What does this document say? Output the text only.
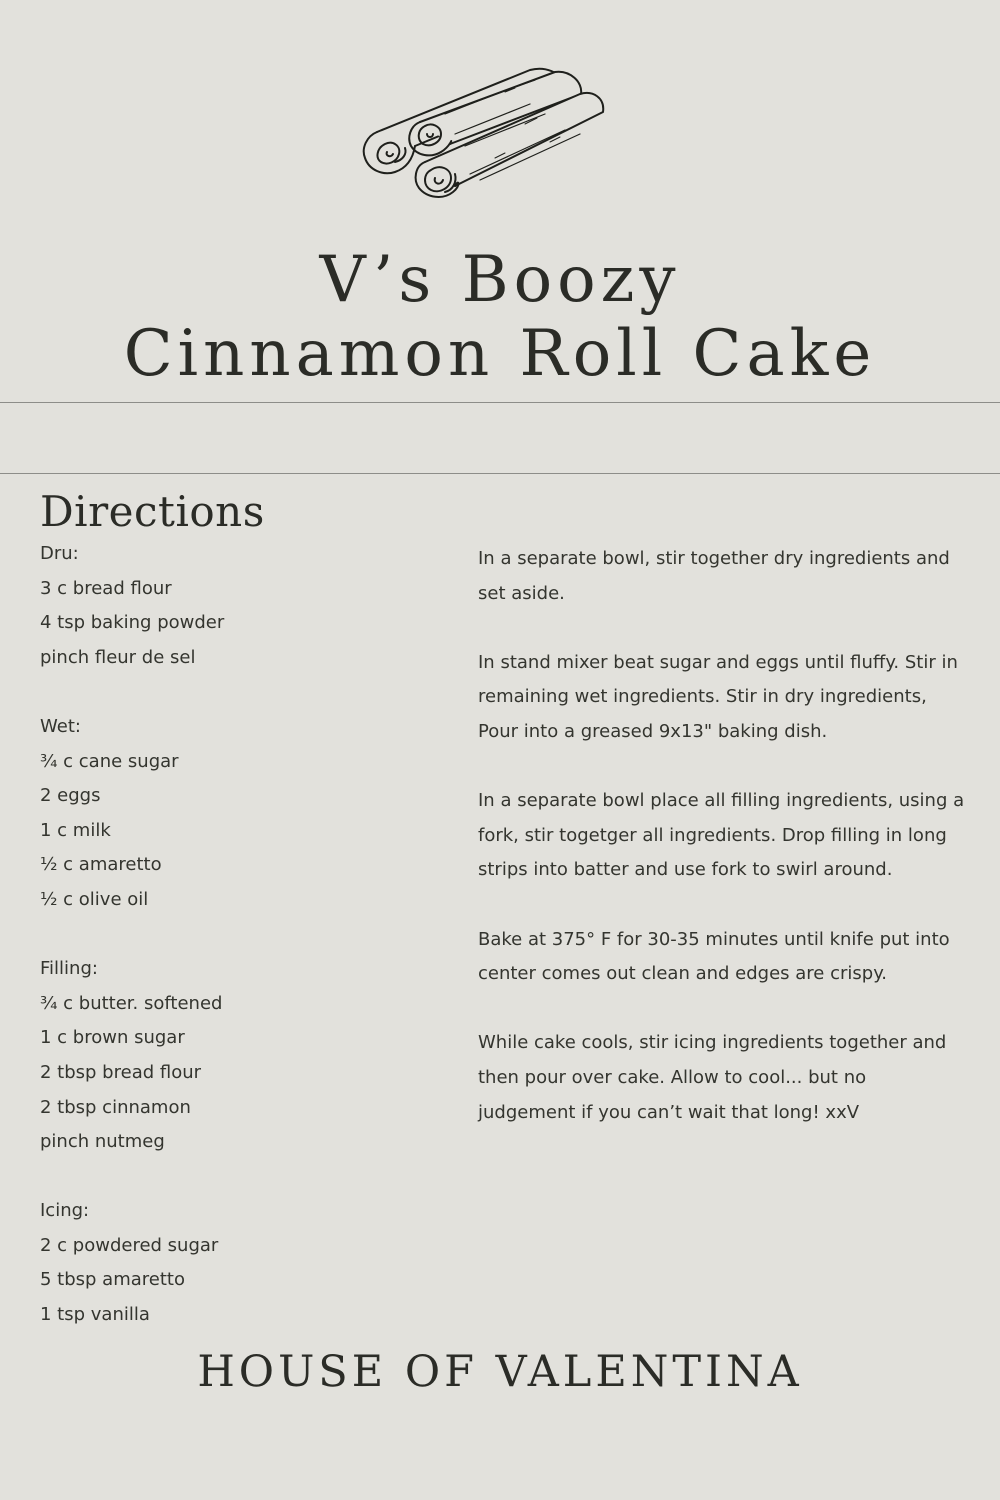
V’s Boozy
Cinnamon Roll Cake
Directions
Dru:
3 c bread flour
4 tsp baking powder
pinch fleur de sel
Wet:
¾ c cane sugar
2 eggs
1 c milk
½ c amaretto
½ c olive oil
Filling:
¾ c butter. softened
1 c brown sugar
2 tbsp bread flour
2 tbsp cinnamon
pinch nutmeg
Icing:
2 c powdered sugar
5 tbsp amaretto
1 tsp vanilla

In a separate bowl, stir together dry ingredients and set aside.

In stand mixer beat sugar and eggs until fluffy. Stir in remaining wet ingredients. Stir in dry ingredients, Pour into a greased 9x13" baking dish.

In a separate bowl place all filling ingredients, using a fork, stir togetger all ingredients. Drop filling in long strips into batter and use fork to swirl around.

Bake at 375° F for 30-35 minutes until knife put into center comes out clean and edges are crispy.

While cake cools, stir icing ingredients together and then pour over cake. Allow to cool... but no judgement if you can’t wait that long! xxV

HOUSE OF VALENTINA
